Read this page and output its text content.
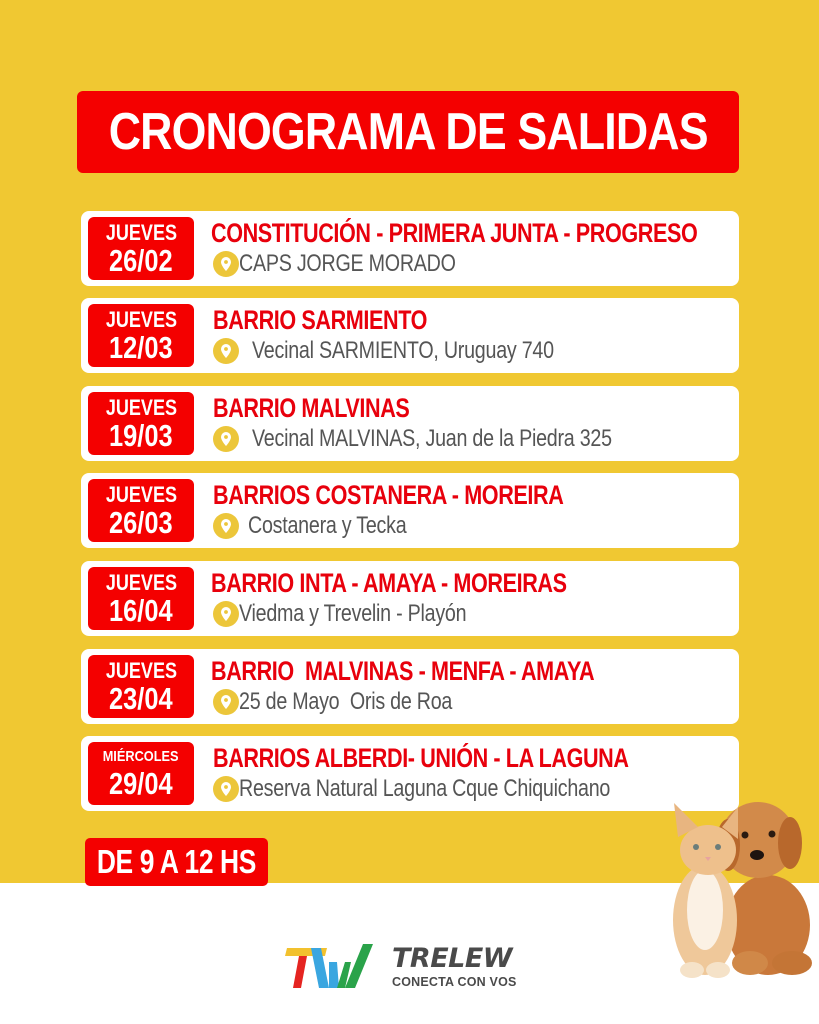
CRONOGRAMA DE SALIDAS
JUEVES
26/02
CONSTITUCIÓN - PRIMERA JUNTA - PROGRESO
CAPS JORGE MORADO
JUEVES
12/03
BARRIO SARMIENTO
Vecinal SARMIENTO, Uruguay 740
JUEVES
19/03
BARRIO MALVINAS
Vecinal MALVINAS, Juan de la Piedra 325
JUEVES
26/03
BARRIOS COSTANERA - MOREIRA
Costanera y Tecka
JUEVES
16/04
BARRIO INTA - AMAYA - MOREIRAS
Viedma y Trevelin - Playón
JUEVES
23/04
BARRIO  MALVINAS - MENFA - AMAYA
25 de Mayo  Oris de Roa
MIÉRCOLES
29/04
BARRIOS ALBERDI- UNIÓN - LA LAGUNA
Reserva Natural Laguna Cque Chiquichano
DE 9 A 12 HS
TRELEW
CONECTA CON VOS
